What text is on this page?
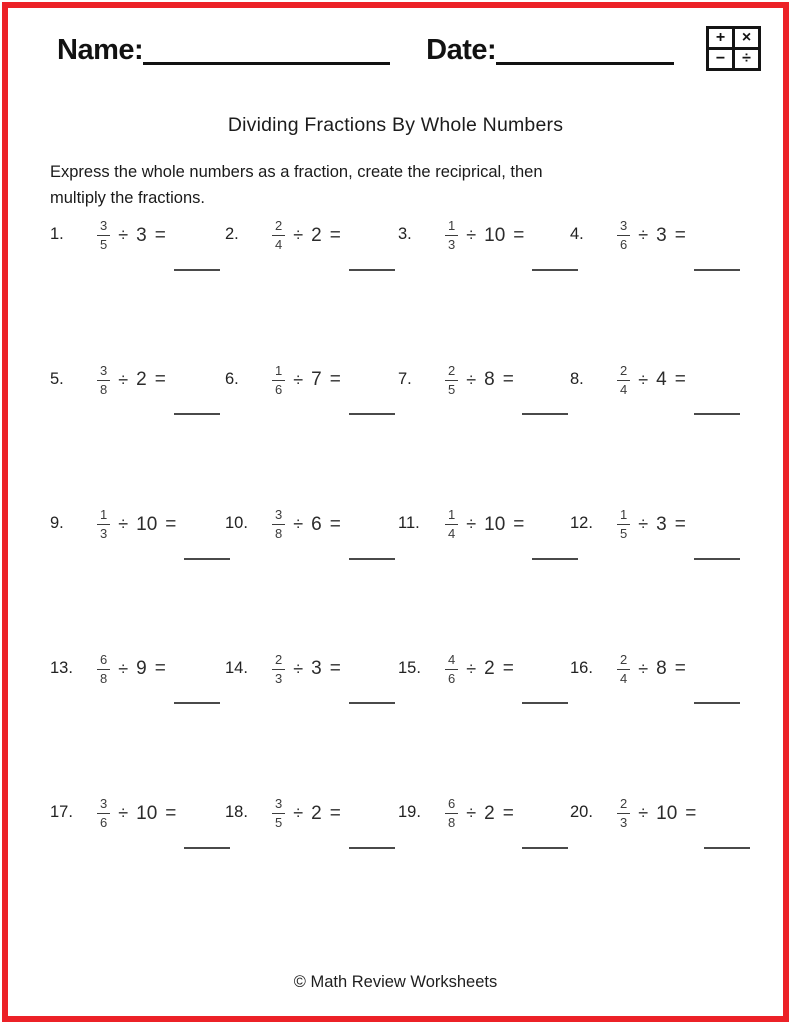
Name:	Date:	+	×
−	÷
Dividing Fractions By Whole Numbers
Express the whole numbers as a fraction, create the reciprical, then
multiply the fractions.
1.	$\frac{3}{5} \div 3$ =	2.	$\frac{2}{4} \div 2$ =	3.	$\frac{1}{3} \div 10$ =	4.	$\frac{3}{6} \div 3$ =
5.	$\frac{3}{8} \div 2$ =	6.	$\frac{1}{6} \div 7$ =	7.	$\frac{2}{5} \div 8$ =	8.	$\frac{2}{4} \div 4$ =
9.	$\frac{1}{3} \div 10$ =	10.	$\frac{3}{8} \div 6$ =	11.	$\frac{1}{4} \div 10$ =	12.	$\frac{1}{5} \div 3$ =
13.	$\frac{6}{8} \div 9$ =	14.	$\frac{2}{3} \div 3$ =	15.	$\frac{4}{6} \div 2$ =	16.	$\frac{2}{4} \div 8$ =
17.	$\frac{3}{6} \div 10$ =	18.	$\frac{3}{5} \div 2$ =	19.	$\frac{6}{8} \div 2$ =	20.	$\frac{2}{3} \div 10$ =
© Math Review Worksheets
